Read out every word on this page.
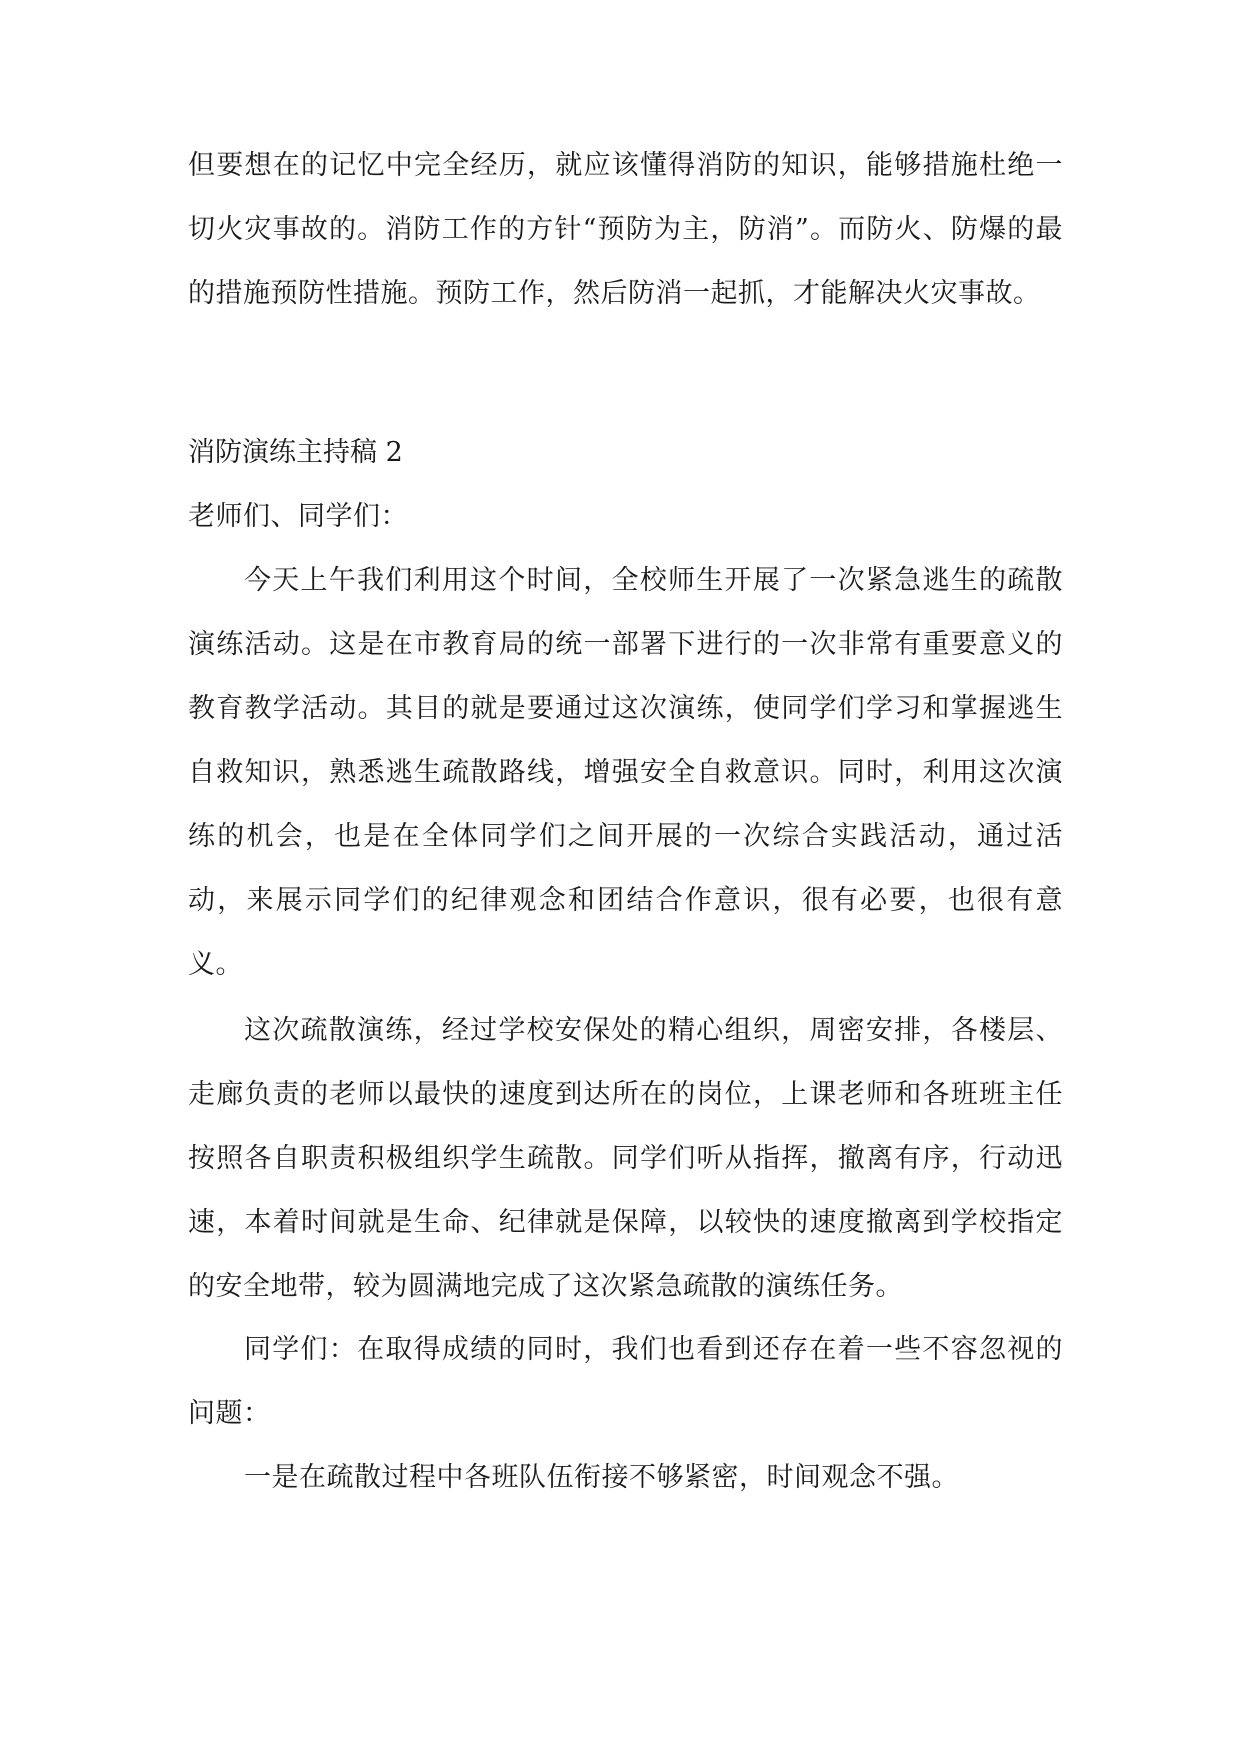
但要想在的记忆中完全经历，就应该懂得消防的知识，能够措施杜绝一切火灾事故的。消防工作的方针“预防为主，防消”。而防火、防爆的最的措施预防性措施。预防工作，然后防消一起抓，才能解决火灾事故。

消防演练主持稿 2

老师们、同学们：

今天上午我们利用这个时间，全校师生开展了一次紧急逃生的疏散演练活动。这是在市教育局的统一部署下进行的一次非常有重要意义的教育教学活动。其目的就是要通过这次演练，使同学们学习和掌握逃生自救知识，熟悉逃生疏散路线，增强安全自救意识。同时，利用这次演练的机会，也是在全体同学们之间开展的一次综合实践活动，通过活动，来展示同学们的纪律观念和团结合作意识，很有必要，也很有意义。

这次疏散演练，经过学校安保处的精心组织，周密安排，各楼层、走廊负责的老师以最快的速度到达所在的岗位，上课老师和各班班主任按照各自职责积极组织学生疏散。同学们听从指挥，撤离有序，行动迅速，本着时间就是生命、纪律就是保障，以较快的速度撤离到学校指定的安全地带，较为圆满地完成了这次紧急疏散的演练任务。

同学们：在取得成绩的同时，我们也看到还存在着一些不容忽视的问题：

一是在疏散过程中各班队伍衔接不够紧密，时间观念不强。
